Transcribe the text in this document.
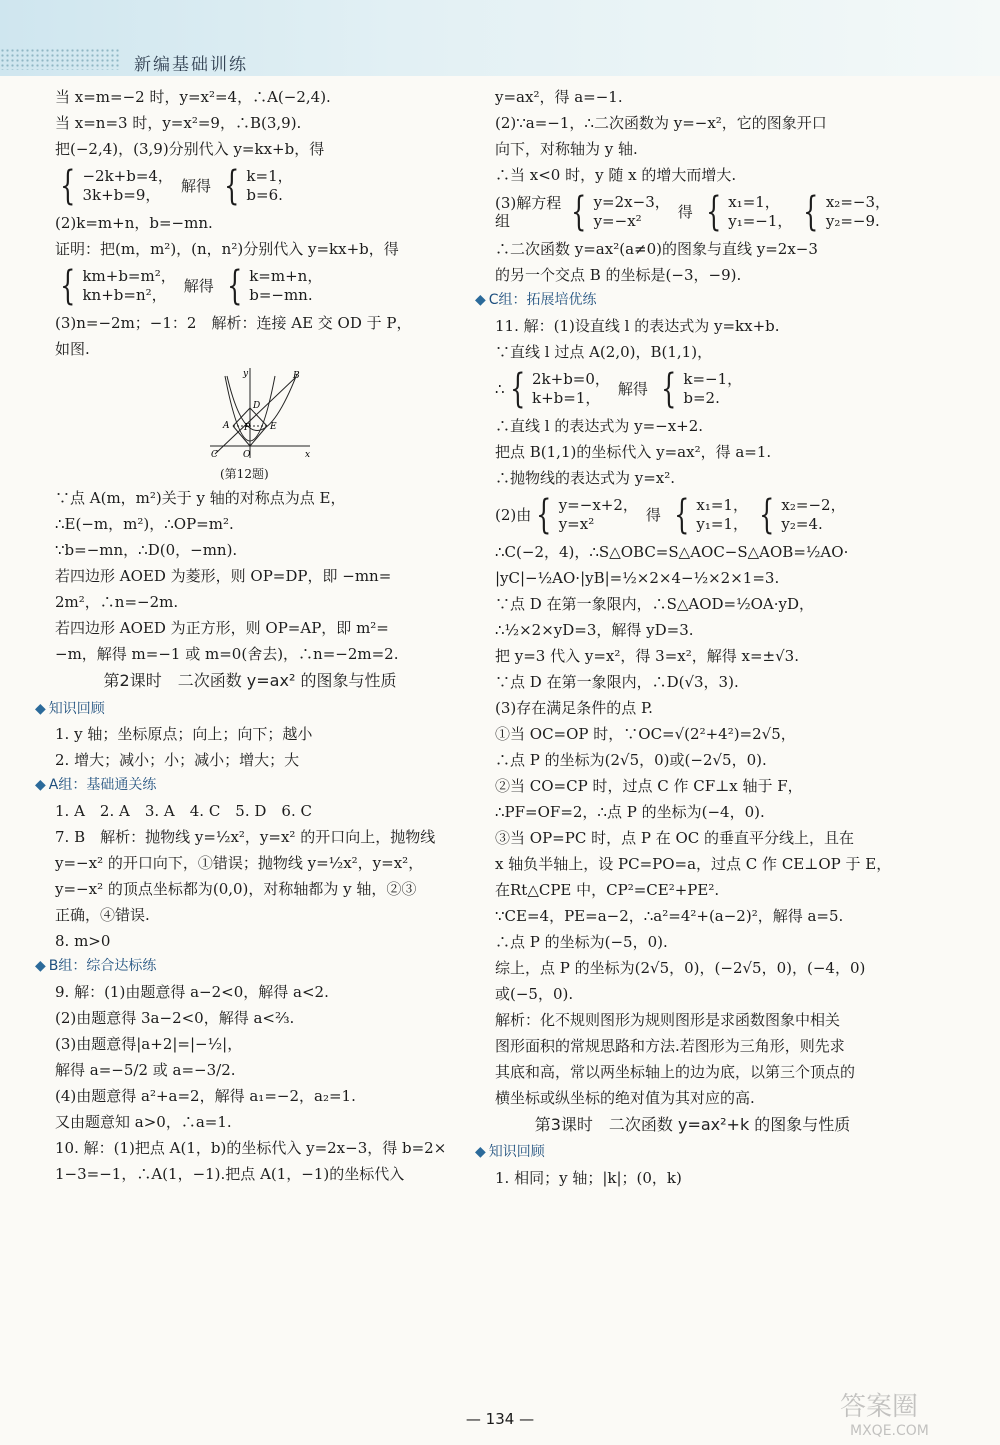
新编基础训练
当 x=m=−2 时，y=x²=4，∴A(−2,4).
当 x=n=3 时，y=x²=9，∴B(3,9).
把(−2,4)，(3,9)分别代入 y=kx+b，得
{ −2k+b=4，
3k+b=9，	解得 { k=1，
b=6.
(2)k=m+n，b=−mn.
证明：把(m，m²)，(n，n²)分别代入 y=kx+b，得
{ km+b=m²，
kn+b=n²，	解得 { k=m+n，
b=−mn.
(3)n=−2m；−1：2　解析：连接 AE 交 OD 于 P，
如图.
y	B
D
A P E
C	O	x
(第12题)
∵点 A(m，m²)关于 y 轴的对称点为点 E，
∴E(−m，m²)，∴OP=m².
∵b=−mn，∴D(0，−mn).
若四边形 AOED 为菱形，则 OP=DP，即 −mn=
2m²，∴n=−2m.
若四边形 AOED 为正方形，则 OP=AP，即 m²=
−m，解得 m=−1 或 m=0(舍去)，∴n=−2m=2.
第2课时　二次函数 y=ax² 的图象与性质
◆ 知识回顾
1. y 轴；坐标原点；向上；向下；越小
2. 增大；减小；小；减小；增大；大
◆ A组：基础通关练
1. A　2. A　3. A　4. C　5. D　6. C
7. B　解析：抛物线 y=½x²，y=x² 的开口向上，抛物线
y=−x² 的开口向下，①错误；抛物线 y=½x²，y=x²，
y=−x² 的顶点坐标都为(0,0)，对称轴都为 y 轴，②③
正确，④错误.
8. m>0
◆ B组：综合达标练
9. 解：(1)由题意得 a−2<0，解得 a<2.
(2)由题意得 3a−2<0，解得 a<⅔.
(3)由题意得|a+2|=|−½|，
解得 a=−5/2 或 a=−3/2.
(4)由题意得 a²+a=2，解得 a₁=−2，a₂=1.
又由题意知 a>0，∴a=1.
10. 解：(1)把点 A(1，b)的坐标代入 y=2x−3，得 b=2×
1−3=−1，∴A(1，−1).把点 A(1，−1)的坐标代入
y=ax²，得 a=−1.
(2)∵a=−1，∴二次函数为 y=−x²，它的图象开口
向下，对称轴为 y 轴.
∴当 x<0 时，y 随 x 的增大而增大.
(3)解方程组	{ y=2x−3，
y=−x²	得 { x₁=1，
y₁=−1， { x₂=−3，
y₂=−9.
∴二次函数 y=ax²(a≠0)的图象与直线 y=2x−3
的另一个交点 B 的坐标是(−3，−9).
◆ C组：拓展培优练
11. 解：(1)设直线 l 的表达式为 y=kx+b.
∵直线 l 过点 A(2,0)，B(1,1)，
∴ { 2k+b=0，
k+b=1，	解得 { k=−1，
b=2.
∴直线 l 的表达式为 y=−x+2.
把点 B(1,1)的坐标代入 y=ax²，得 a=1.
∴抛物线的表达式为 y=x².
(2)由 { y=−x+2，
y=x²	得 { x₁=1，
y₁=1， { x₂=−2，
y₂=4.
∴C(−2，4)，∴S△OBC=S△AOC−S△AOB=½AO·
|yC|−½AO·|yB|=½×2×4−½×2×1=3.
∵点 D 在第一象限内，∴S△AOD=½OA·yD，
∴½×2×yD=3，解得 yD=3.
把 y=3 代入 y=x²，得 3=x²，解得 x=±√3.
∵点 D 在第一象限内，∴D(√3，3).
(3)存在满足条件的点 P.
①当 OC=OP 时，∵OC=√(2²+4²)=2√5，
∴点 P 的坐标为(2√5，0)或(−2√5，0).
②当 CO=CP 时，过点 C 作 CF⊥x 轴于 F，
∴PF=OF=2，∴点 P 的坐标为(−4，0).
③当 OP=PC 时，点 P 在 OC 的垂直平分线上，且在
x 轴负半轴上，设 PC=PO=a，过点 C 作 CE⊥OP 于 E，
在Rt△CPE 中，CP²=CE²+PE².
∵CE=4，PE=a−2，∴a²=4²+(a−2)²，解得 a=5.
∴点 P 的坐标为(−5，0).
综上，点 P 的坐标为(2√5，0)，(−2√5，0)，(−4，0)
或(−5，0).
解析：化不规则图形为规则图形是求函数图象中相关
图形面积的常规思路和方法.若图形为三角形，则先求
其底和高，常以两坐标轴上的边为底，以第三个顶点的
横坐标或纵坐标的绝对值为其对应的高.
第3课时　二次函数 y=ax²+k 的图象与性质
◆ 知识回顾
1. 相同；y 轴；|k|；(0，k)
— 134 —	答案圈
MXQE.COM
